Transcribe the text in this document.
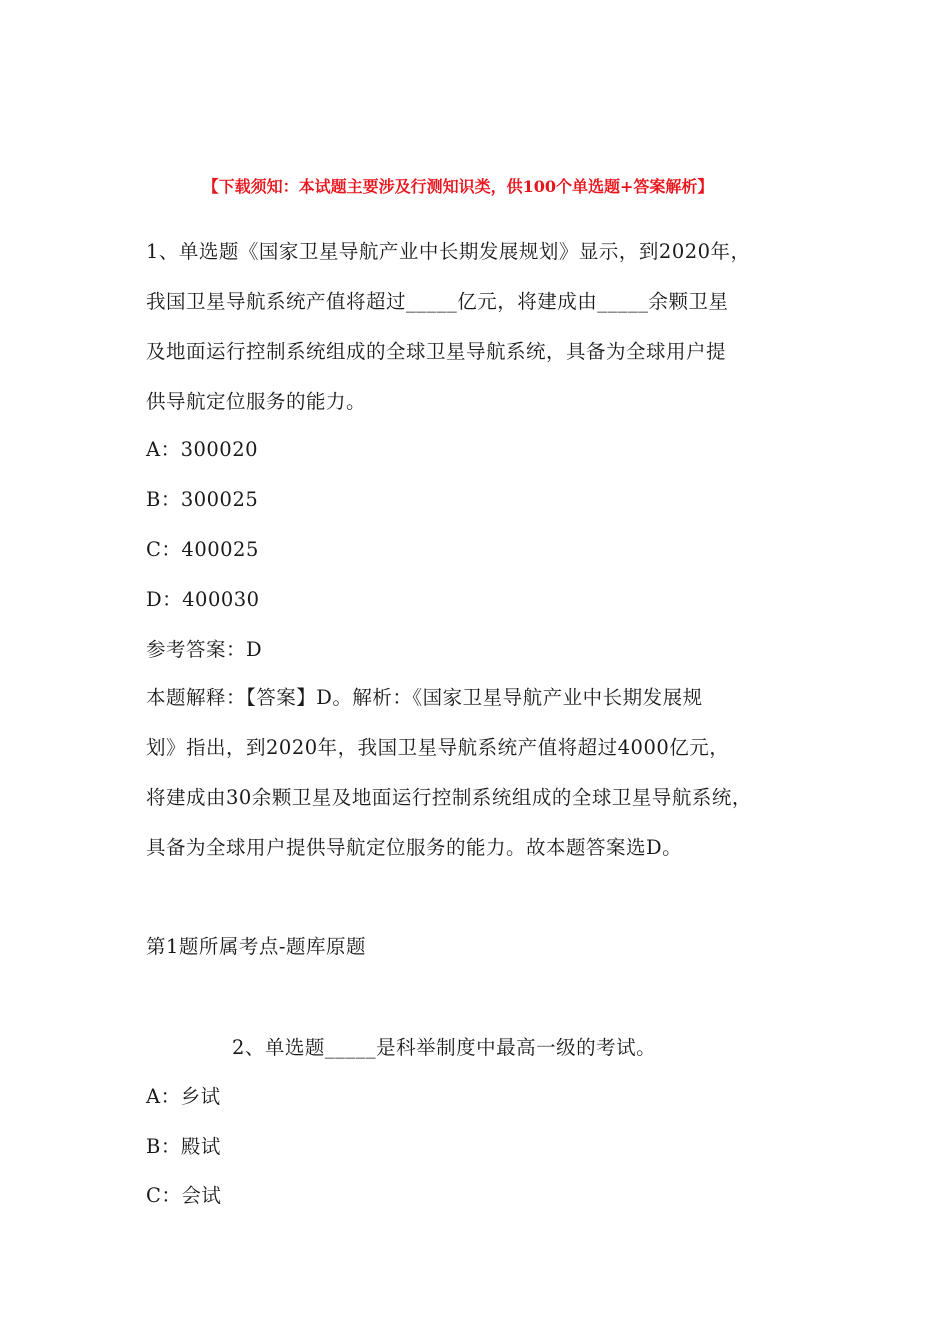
【下载须知：本试题主要涉及行测知识类，供100个单选题+答案解析】
1、单选题《国家卫星导航产业中长期发展规划》显示，到2020年，
我国卫星导航系统产值将超过_____亿元，将建成由_____余颗卫星
及地面运行控制系统组成的全球卫星导航系统，具备为全球用户提
供导航定位服务的能力。
A：300020
B：300025
C：400025
D：400030
参考答案：D
本题解释：【答案】D。解析：《国家卫星导航产业中长期发展规
划》指出，到2020年，我国卫星导航系统产值将超过4000亿元，
将建成由30余颗卫星及地面运行控制系统组成的全球卫星导航系统，
具备为全球用户提供导航定位服务的能力。故本题答案选D。
第1题所属考点-题库原题
2、单选题_____是科举制度中最高一级的考试。
A：乡试
B：殿试
C：会试
